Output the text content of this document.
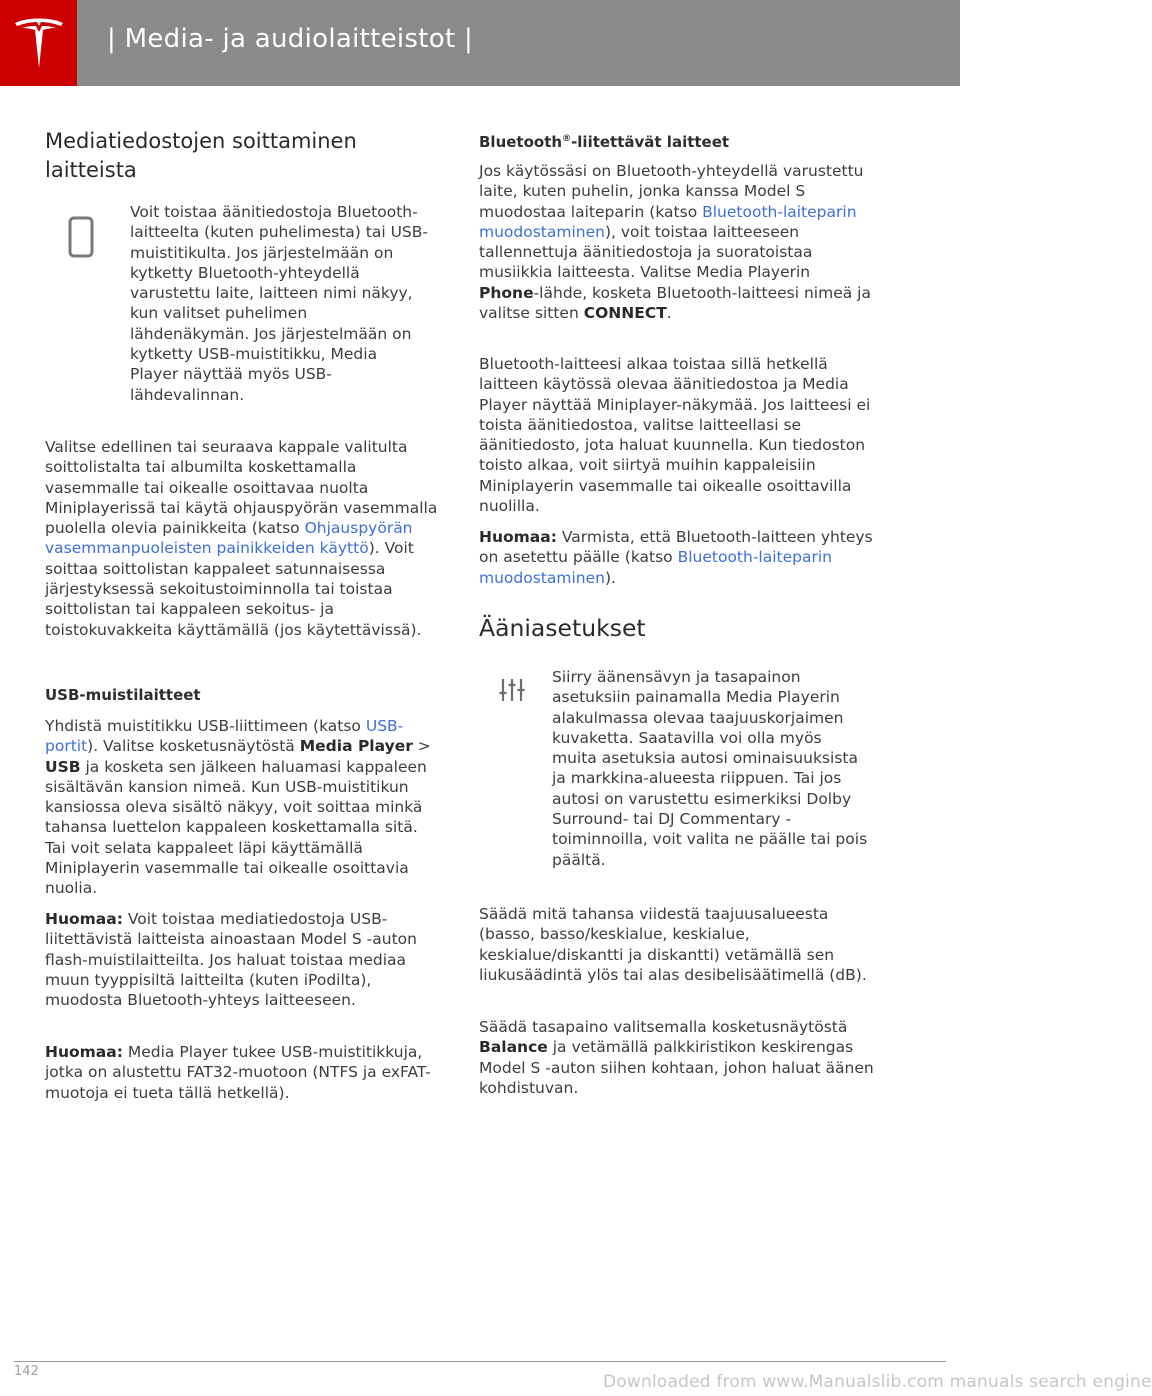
| Media- ja audiolaitteistot |
Mediatiedostojen soittaminen
laitteista

Voit toistaa äänitiedostoja Bluetooth-laitteelta (kuten puhelimesta) tai USB-muistitikulta. Jos järjestelmään on kytketty Bluetooth-yhteydellä varustettu laite, laitteen nimi näkyy, kun valitset puhelimen lähdenäkymän. Jos järjestelmään on kytketty USB-muistitikku, Media Player näyttää myös USB-lähdevalinnan.

Valitse edellinen tai seuraava kappale valitulta soittolistalta tai albumilta koskettamalla vasemmalle tai oikealle osoittavaa nuolta Miniplayerissä tai käytä ohjauspyörän vasemmalla puolella olevia painikkeita (katso Ohjauspyörän vasemmanpuoleisten painikkeiden käyttö). Voit soittaa soittolistan kappaleet satunnaisessa järjestyksessä sekoitustoiminnolla tai toistaa soittolistan tai kappaleen sekoitus- ja toistokuvakkeita käyttämällä (jos käytettävissä).

USB-muistilaitteet

Yhdistä muistitikku USB-liittimeen (katso USB-portit). Valitse kosketusnäytöstä Media Player > USB ja kosketa sen jälkeen haluamasi kappaleen sisältävän kansion nimeä. Kun USB-muistitikun kansiossa oleva sisältö näkyy, voit soittaa minkä tahansa luettelon kappaleen koskettamalla sitä. Tai voit selata kappaleet läpi käyttämällä Miniplayerin vasemmalle tai oikealle osoittavia nuolia.

Huomaa: Voit toistaa mediatiedostoja USB-liitettävistä laitteista ainoastaan Model S -auton flash-muistilaitteilta. Jos haluat toistaa mediaa muun tyyppisiltä laitteilta (kuten iPodilta), muodosta Bluetooth-yhteys laitteeseen.

Huomaa: Media Player tukee USB-muistitikkuja, jotka on alustettu FAT32-muotoon (NTFS ja exFAT-muotoja ei tueta tällä hetkellä).

Bluetooth®-liitettävät laitteet

Jos käytössäsi on Bluetooth-yhteydellä varustettu laite, kuten puhelin, jonka kanssa Model S muodostaa laiteparin (katso Bluetooth-laiteparin muodostaminen), voit toistaa laitteeseen tallennettuja äänitiedostoja ja suoratoistaa musiikkia laitteesta. Valitse Media Playerin Phone-lähde, kosketa Bluetooth-laitteesi nimeä ja valitse sitten CONNECT.

Bluetooth-laitteesi alkaa toistaa sillä hetkellä laitteen käytössä olevaa äänitiedostoa ja Media Player näyttää Miniplayer-näkymää. Jos laitteesi ei toista äänitiedostoa, valitse laitteellasi se äänitiedosto, jota haluat kuunnella. Kun tiedoston toisto alkaa, voit siirtyä muihin kappaleisiin Miniplayerin vasemmalle tai oikealle osoittavilla nuolilla.

Huomaa: Varmista, että Bluetooth-laitteen yhteys on asetettu päälle (katso Bluetooth-laiteparin muodostaminen).

Ääniasetukset

Siirry äänensävyn ja tasapainon asetuksiin painamalla Media Playerin alakulmassa olevaa taajuuskorjaimen kuvaketta. Saatavilla voi olla myös muita asetuksia autosi ominaisuuksista ja markkina-alueesta riippuen. Tai jos autosi on varustettu esimerkiksi Dolby Surround- tai DJ Commentary -toiminnoilla, voit valita ne päälle tai pois päältä.

Säädä mitä tahansa viidestä taajuusalueesta (basso, basso/keskialue, keskialue, keskialue/diskantti ja diskantti) vetämällä sen liukusäädintä ylös tai alas desibelisäätimellä (dB).

Säädä tasapaino valitsemalla kosketusnäytöstä Balance ja vetämällä palkkiristikon keskirengas Model S -auton siihen kohtaan, johon haluat äänen kohdistuvan.

142
Downloaded from www.Manualslib.com manuals search engine
